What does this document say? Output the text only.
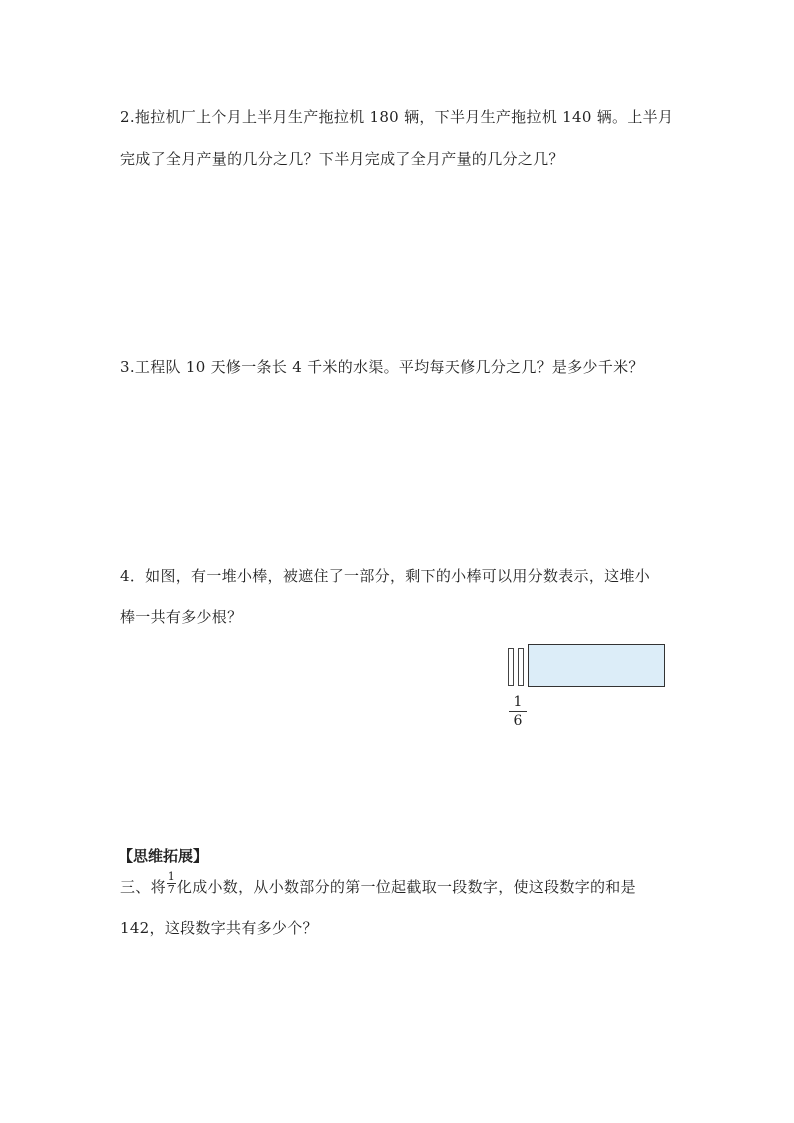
2.拖拉机厂上个月上半月生产拖拉机 180 辆，下半月生产拖拉机 140 辆。上半月
完成了全月产量的几分之几？下半月完成了全月产量的几分之几？
3.工程队 10 天修一条长 4 千米的水渠。平均每天修几分之几？是多少千米？
4．如图，有一堆小棒，被遮住了一部分，剩下的小棒可以用分数表示，这堆小
棒一共有多少根？
1
6
【思维拓展】
三、将 $\frac{1}{7}$ 化成小数，从小数部分的第一位起截取一段数字，使这段数字的和是
142，这段数字共有多少个？
